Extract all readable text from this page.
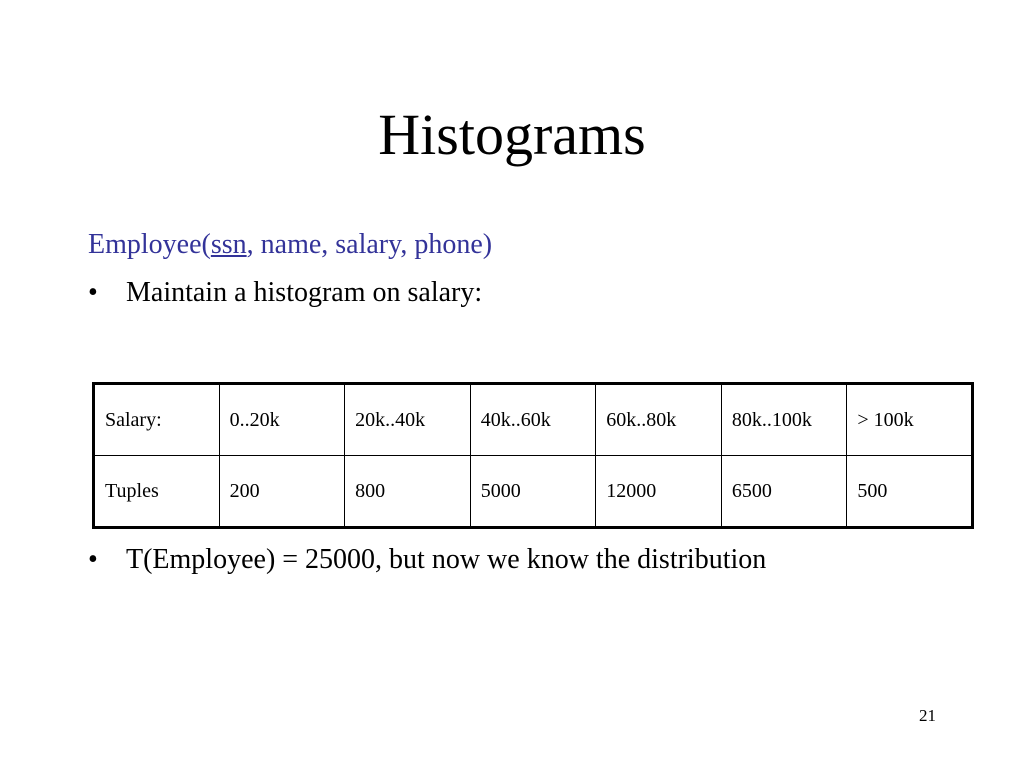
Histograms
Employee(ssn, name, salary, phone)
• Maintain a histogram on salary:
Salary:	0..20k	20k..40k	40k..60k	60k..80k	80k..100k	> 100k
Tuples	200	800	5000	12000	6500	500
• T(Employee) = 25000, but now we know the distribution
21
